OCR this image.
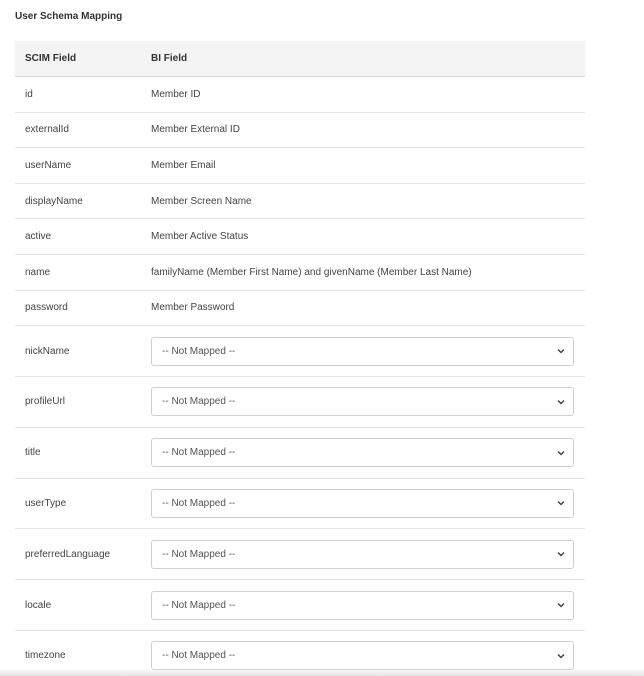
User Schema Mapping
SCIM Field	BI Field
id	Member ID
externalId	Member External ID
userName	Member Email
displayName	Member Screen Name
active	Member Active Status
name	familyName (Member First Name) and givenName (Member Last Name)
password	Member Password
nickName	-- Not Mapped --
profileUrl	-- Not Mapped --
title	-- Not Mapped --
userType	-- Not Mapped --
preferredLanguage	-- Not Mapped --
locale	-- Not Mapped --
timezone	-- Not Mapped --
